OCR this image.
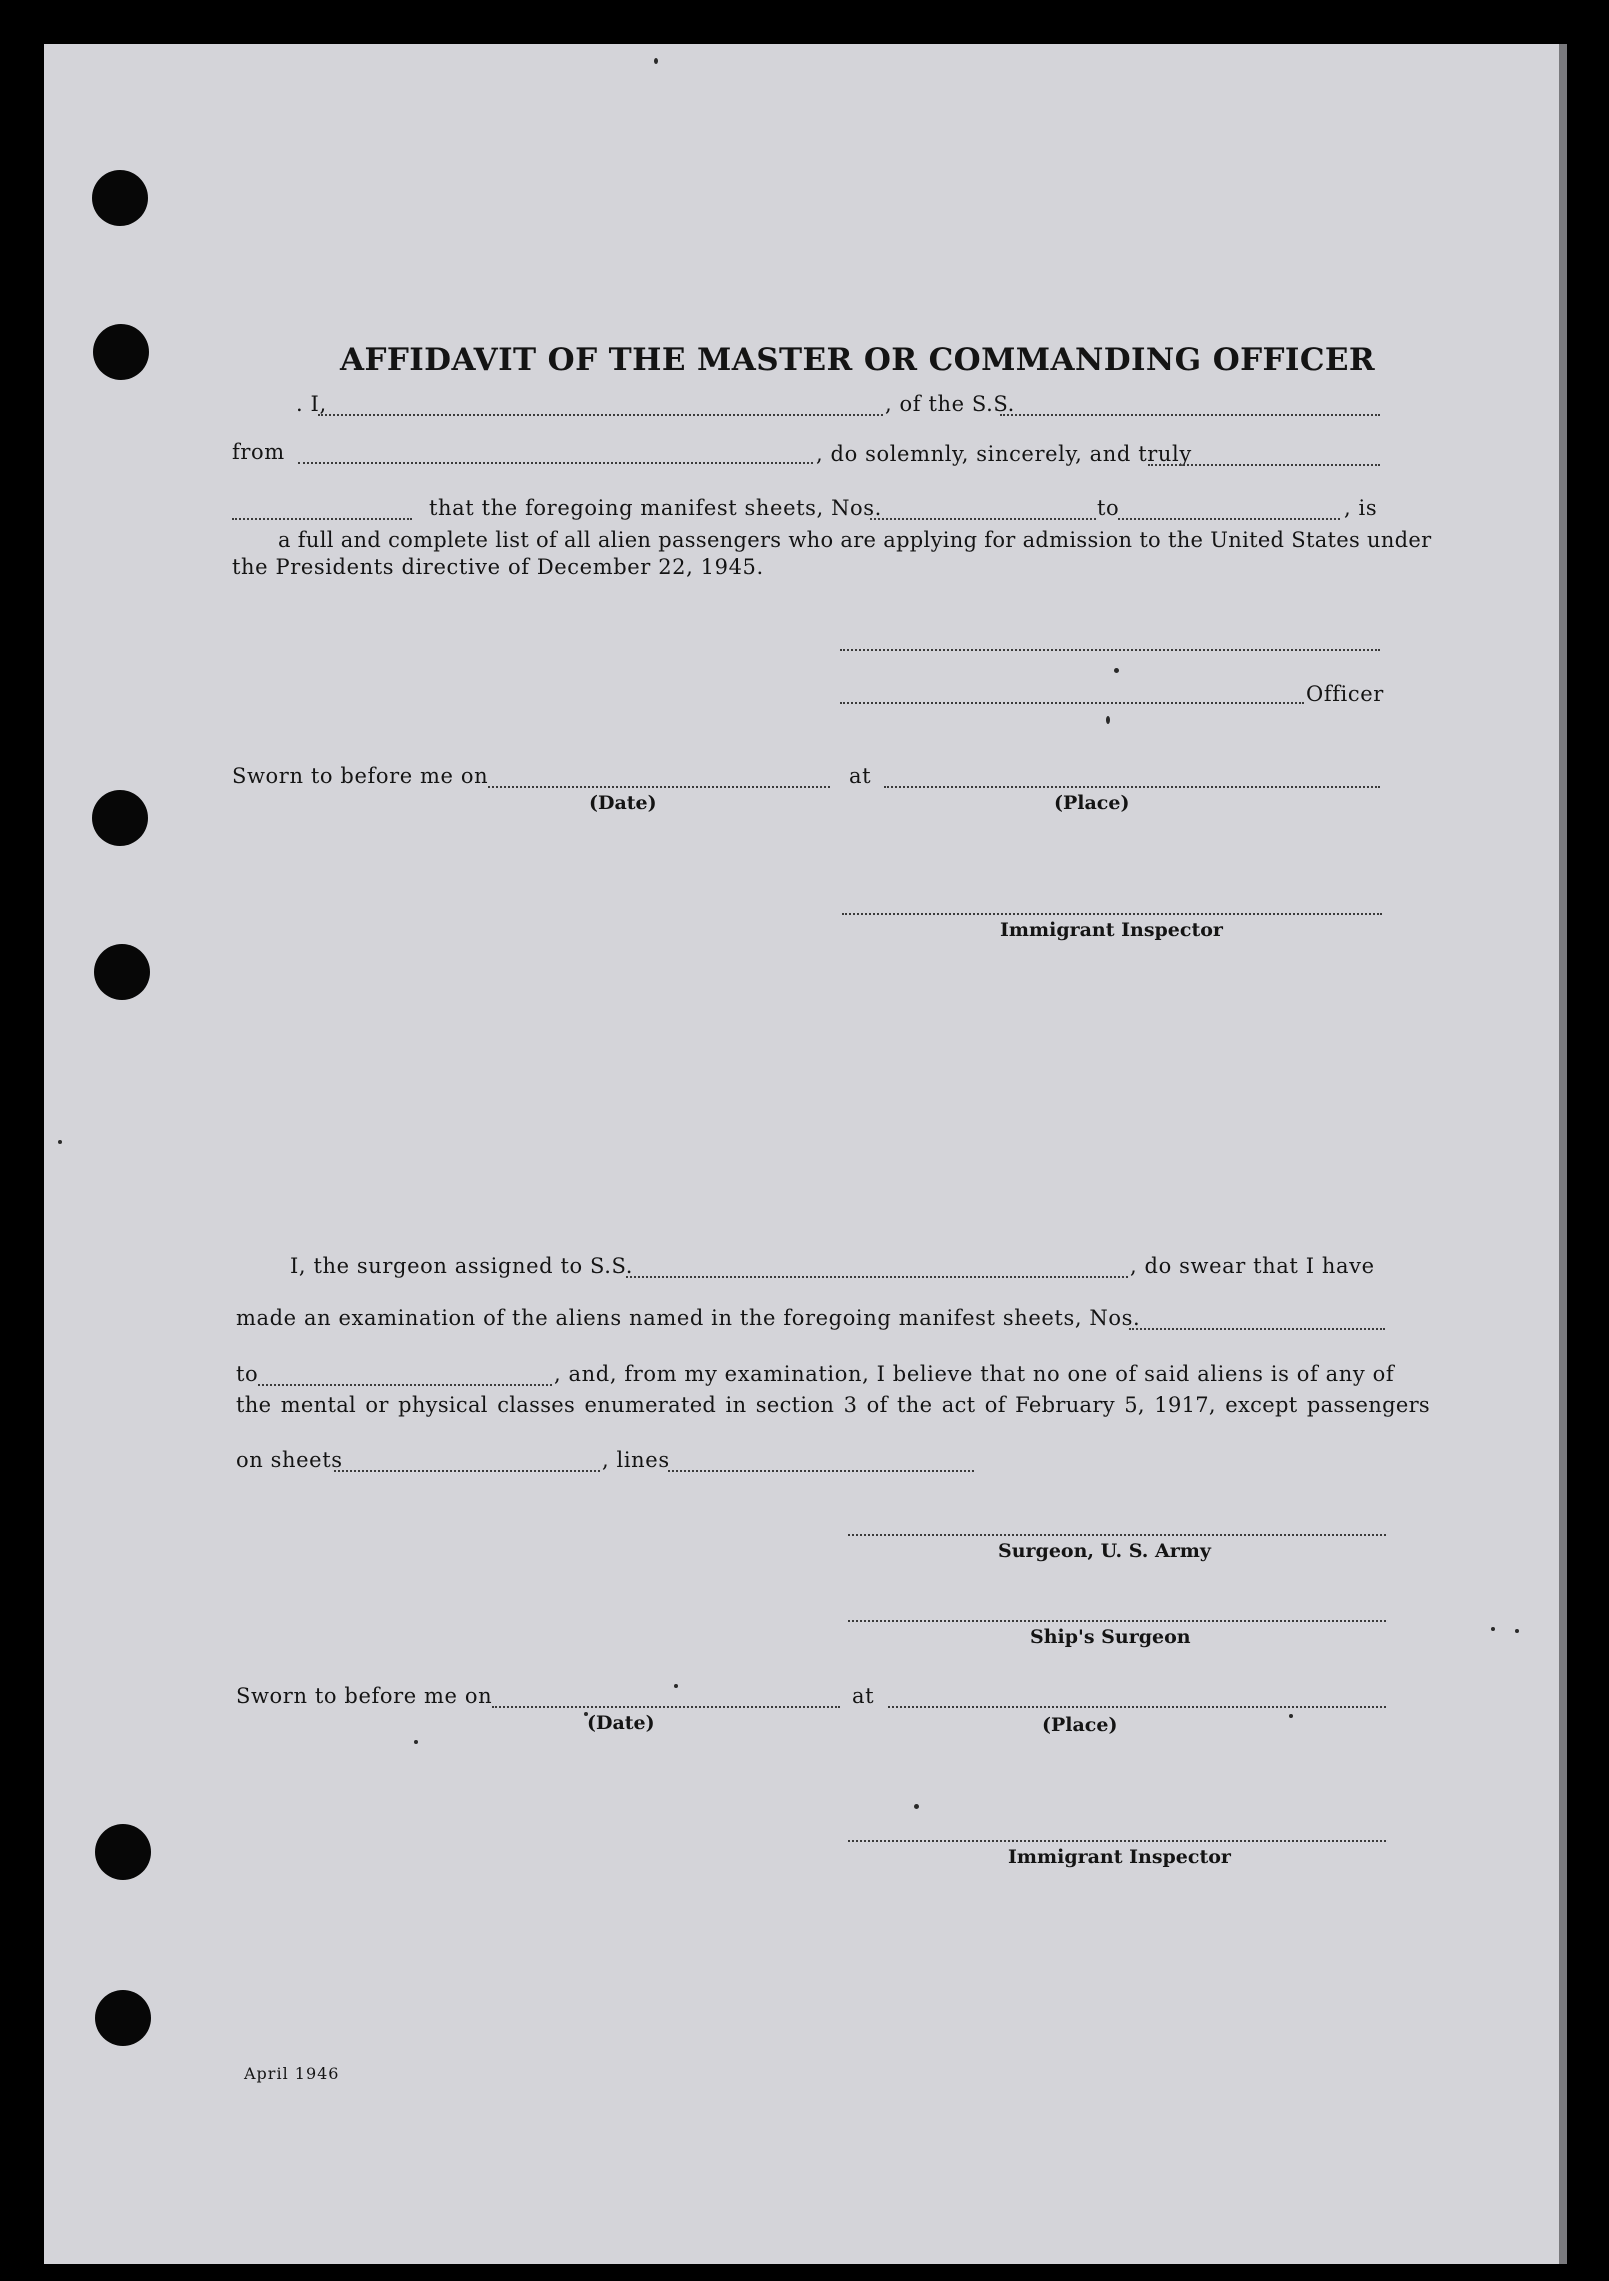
AFFIDAVIT OF THE MASTER OR COMMANDING OFFICER
. I,	, of the S.S.
from	, do solemnly, sincerely, and truly
that the foregoing manifest sheets, Nos.	to	, is
a full and complete list of all alien passengers who are applying for admission to the United States under
the Presidents directive of December 22, 1945.
Officer
Sworn to before me on	at
(Date)	(Place)
Immigrant Inspector
I, the surgeon assigned to S.S.	, do swear that I have
made an examination of the aliens named in the foregoing manifest sheets, Nos.
to	, and, from my examination, I believe that no one of said aliens is of any of
the mental or physical classes enumerated in section 3 of the act of February 5, 1917, except passengers
on sheets	, lines
Surgeon, U. S. Army
Ship's Surgeon
Sworn to before me on	at
(Date)	(Place)
Immigrant Inspector
April 1946
